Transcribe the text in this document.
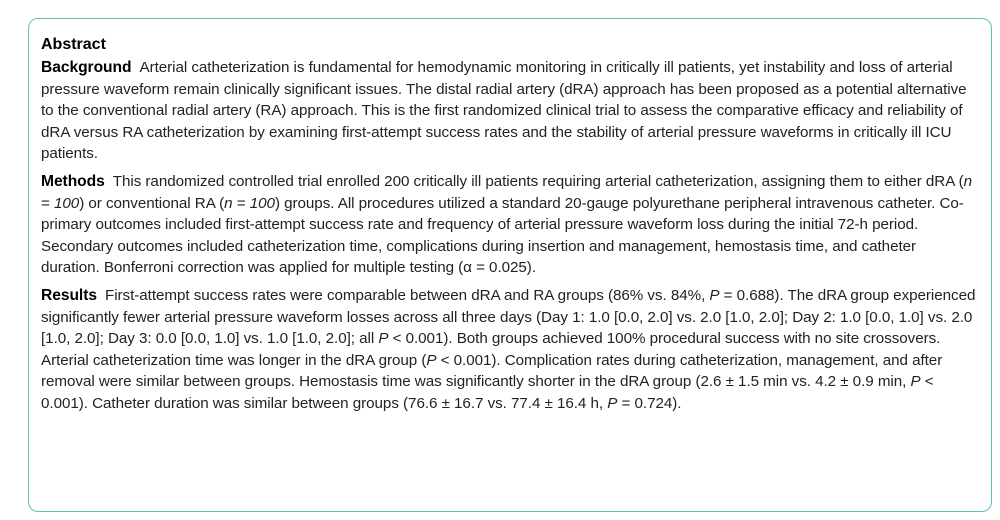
Abstract

Background Arterial catheterization is fundamental for hemodynamic monitoring in critically ill patients, yet instability and loss of arterial pressure waveform remain clinically significant issues. The distal radial artery (dRA) approach has been proposed as a potential alternative to the conventional radial artery (RA) approach. This is the first randomized clinical trial to assess the comparative efficacy and reliability of dRA versus RA catheterization by examining first-attempt success rates and the stability of arterial pressure waveforms in critically ill ICU patients.

Methods This randomized controlled trial enrolled 200 critically ill patients requiring arterial catheterization, assigning them to either dRA (n = 100) or conventional RA (n = 100) groups. All procedures utilized a standard 20-gauge polyurethane peripheral intravenous catheter. Co-primary outcomes included first-attempt success rate and frequency of arterial pressure waveform loss during the initial 72-h period. Secondary outcomes included catheterization time, complications during insertion and management, hemostasis time, and catheter duration. Bonferroni correction was applied for multiple testing (α = 0.025).

Results First-attempt success rates were comparable between dRA and RA groups (86% vs. 84%, P = 0.688). The dRA group experienced significantly fewer arterial pressure waveform losses across all three days (Day 1: 1.0 [0.0, 2.0] vs. 2.0 [1.0, 2.0]; Day 2: 1.0 [0.0, 1.0] vs. 2.0 [1.0, 2.0]; Day 3: 0.0 [0.0, 1.0] vs. 1.0 [1.0, 2.0]; all P < 0.001). Both groups achieved 100% procedural success with no site crossovers. Arterial catheterization time was longer in the dRA group (P < 0.001). Complication rates during catheterization, management, and after removal were similar between groups. Hemostasis time was significantly shorter in the dRA group (2.6 ± 1.5 min vs. 4.2 ± 0.9 min, P < 0.001). Catheter duration was similar between groups (76.6 ± 16.7 vs. 77.4 ± 16.4 h, P = 0.724).
